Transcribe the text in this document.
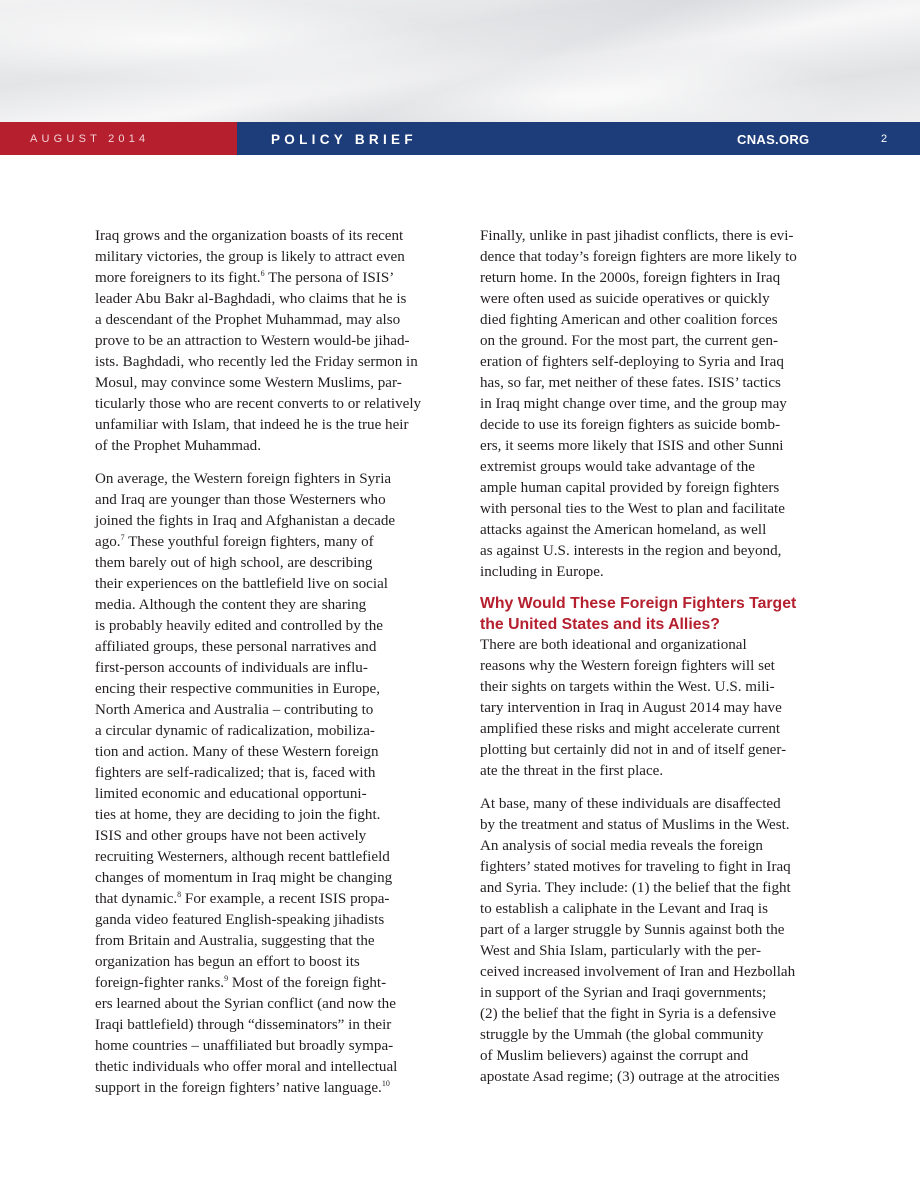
AUGUST 2014	POLICY BRIEF	CNAS.ORG	2

Iraq grows and the organization boasts of its recent

military victories, the group is likely to attract even

more foreigners to its fight.$^6$ The persona of ISIS’

leader Abu Bakr al-Baghdadi, who claims that he is

a descendant of the Prophet Muhammad, may also

prove to be an attraction to Western would-be jihad-

ists. Baghdadi, who recently led the Friday sermon in

Mosul, may convince some Western Muslims, par-

ticularly those who are recent converts to or relatively

unfamiliar with Islam, that indeed he is the true heir

of the Prophet Muhammad.

On average, the Western foreign fighters in Syria

and Iraq are younger than those Westerners who

joined the fights in Iraq and Afghanistan a decade

ago.$^7$ These youthful foreign fighters, many of

them barely out of high school, are describing

their experiences on the battlefield live on social

media. Although the content they are sharing

is probably heavily edited and controlled by the

affiliated groups, these personal narratives and

first-person accounts of individuals are influ-

encing their respective communities in Europe,

North America and Australia – contributing to

a circular dynamic of radicalization, mobiliza-

tion and action. Many of these Western foreign

fighters are self-radicalized; that is, faced with

limited economic and educational opportuni-

ties at home, they are deciding to join the fight.

ISIS and other groups have not been actively

recruiting Westerners, although recent battlefield

changes of momentum in Iraq might be changing

that dynamic.$^8$ For example, a recent ISIS propa-

ganda video featured English-speaking jihadists

from Britain and Australia, suggesting that the

organization has begun an effort to boost its

foreign-fighter ranks.$^9$ Most of the foreign fight-

ers learned about the Syrian conflict (and now the

Iraqi battlefield) through “disseminators” in their

home countries – unaffiliated but broadly sympa-

thetic individuals who offer moral and intellectual

support in the foreign fighters’ native language.$^{10}$

Finally, unlike in past jihadist conflicts, there is evi-

dence that today’s foreign fighters are more likely to

return home. In the 2000s, foreign fighters in Iraq

were often used as suicide operatives or quickly

died fighting American and other coalition forces

on the ground. For the most part, the current gen-

eration of fighters self-deploying to Syria and Iraq

has, so far, met neither of these fates. ISIS’ tactics

in Iraq might change over time, and the group may

decide to use its foreign fighters as suicide bomb-

ers, it seems more likely that ISIS and other Sunni

extremist groups would take advantage of the

ample human capital provided by foreign fighters

with personal ties to the West to plan and facilitate

attacks against the American homeland, as well

as against U.S. interests in the region and beyond,

including in Europe.

Why Would These Foreign Fighters Target
the United States and its Allies?

There are both ideational and organizational

reasons why the Western foreign fighters will set

their sights on targets within the West. U.S. mili-

tary intervention in Iraq in August 2014 may have

amplified these risks and might accelerate current

plotting but certainly did not in and of itself gener-

ate the threat in the first place.

At base, many of these individuals are disaffected

by the treatment and status of Muslims in the West.

An analysis of social media reveals the foreign

fighters’ stated motives for traveling to fight in Iraq

and Syria. They include: (1) the belief that the fight

to establish a caliphate in the Levant and Iraq is

part of a larger struggle by Sunnis against both the

West and Shia Islam, particularly with the per-

ceived increased involvement of Iran and Hezbollah

in support of the Syrian and Iraqi governments;

(2) the belief that the fight in Syria is a defensive

struggle by the Ummah (the global community

of Muslim believers) against the corrupt and

apostate Asad regime; (3) outrage at the atrocities
